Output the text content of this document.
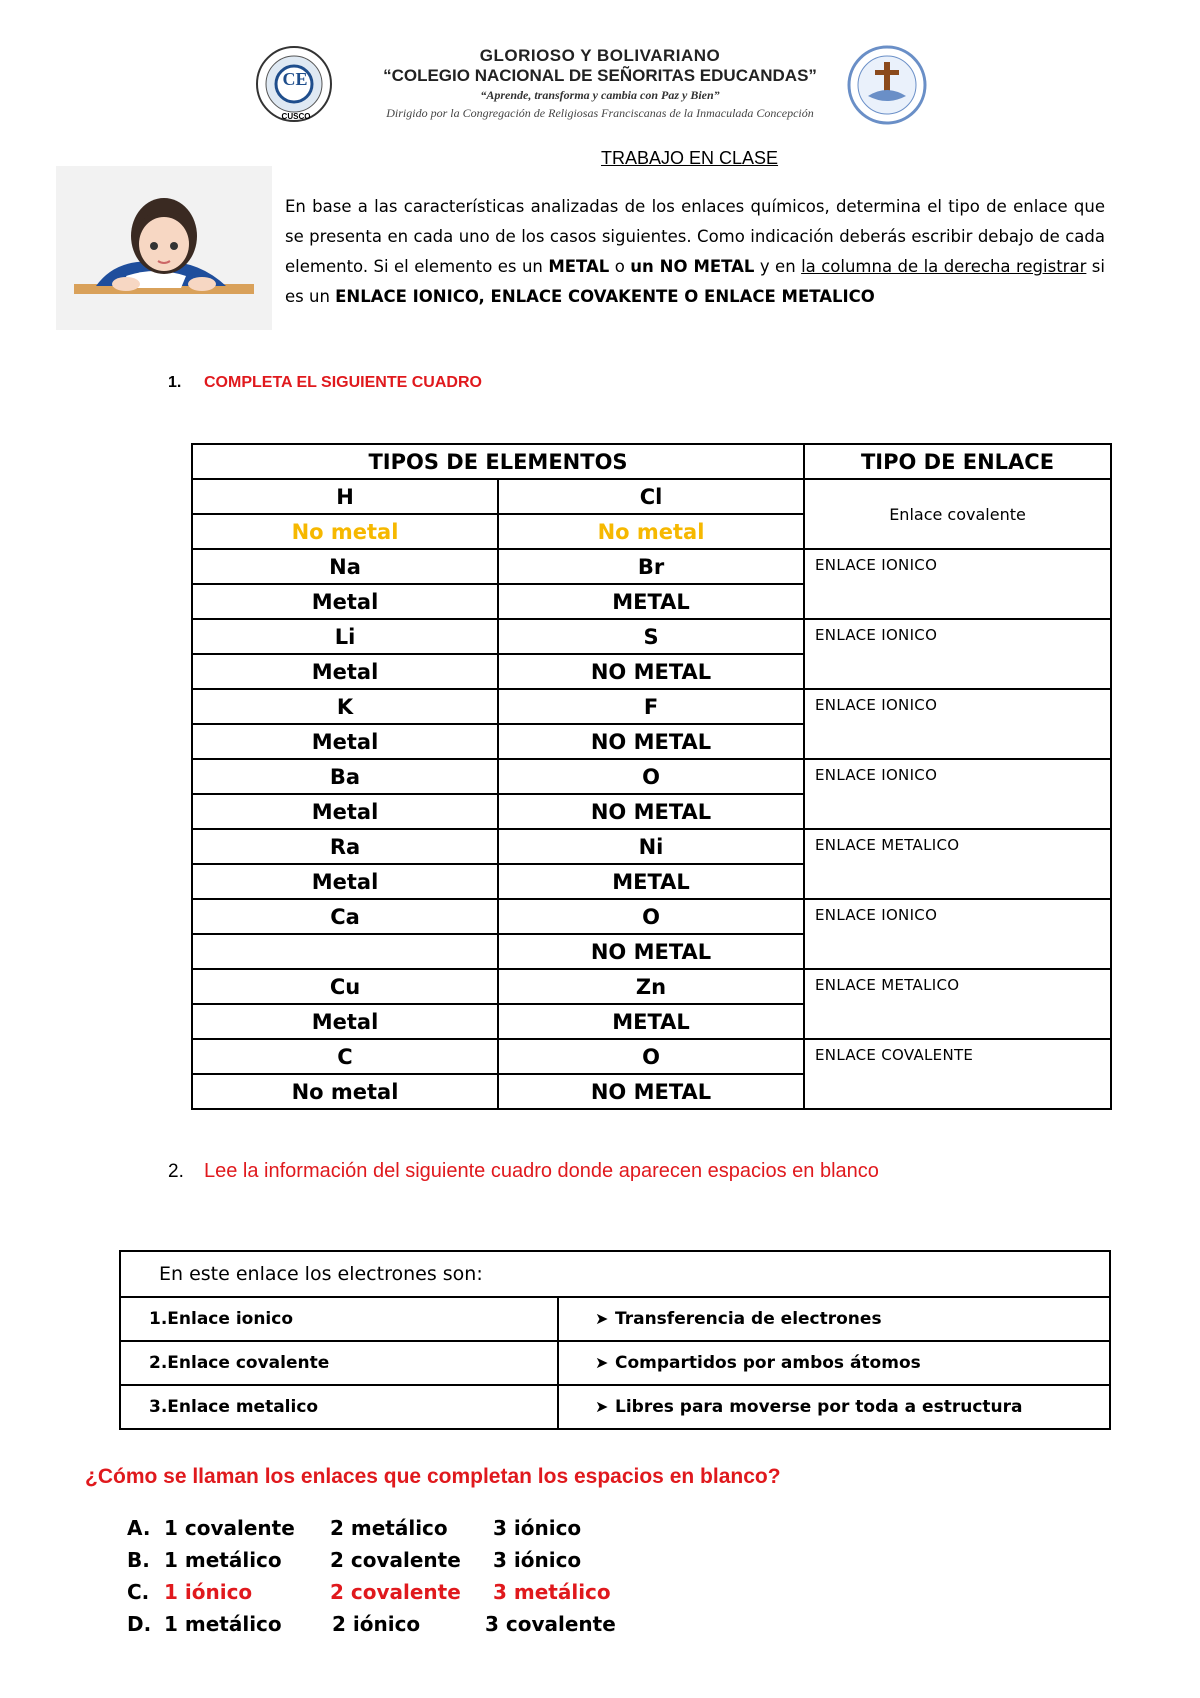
CE
CUSCO
GLORIOSO Y BOLIVARIANO
“COLEGIO NACIONAL DE SEÑORITAS EDUCANDAS”
“Aprende, transforma y cambia con Paz y Bien”
Dirigido por la Congregación de Religiosas Franciscanas de la Inmaculada Concepción
TRABAJO EN CLASE
En base a las características analizadas de los enlaces químicos, determina el tipo de enlace que se presenta en cada uno de los casos siguientes. Como indicación deberás escribir debajo de cada elemento. Si el elemento es un METAL o un NO METAL y en la columna de la derecha registrar si es un ENLACE IONICO, ENLACE COVAKENTE O ENLACE METALICO
1. COMPLETA EL SIGUIENTE CUADRO
TIPOS DE ELEMENTOS		TIPO DE ENLACE
H	Cl	Enlace covalente
No metal	No metal	
Na	Br	ENLACE IONICO
Metal	METAL	
Li	S	ENLACE IONICO
Metal	NO METAL	
K	F	ENLACE IONICO
Metal	NO METAL	
Ba	O	ENLACE IONICO
Metal	NO METAL	
Ra	Ni	ENLACE METALICO
Metal	METAL	
Ca	O	ENLACE IONICO
	NO METAL	
Cu	Zn	ENLACE METALICO
Metal	METAL	
C	O	ENLACE COVALENTE
No metal	NO METAL	
2. Lee la información del siguiente cuadro donde aparecen espacios en blanco
En este enlace los electrones son:	
1.Enlace ionico	➤ Transferencia de electrones
2.Enlace covalente	➤ Compartidos por ambos átomos
3.Enlace metalico	➤ Libres para moverse por toda a estructura
¿Cómo se llaman los enlaces que completan los espacios en blanco?
A. 1 covalente 2 metálico 3 iónico
B. 1 metálico 2 covalente 3 iónico
C. 1 iónico	2 covalente 3 metálico
D. 1 metálico	2 iónico	3 covalente
